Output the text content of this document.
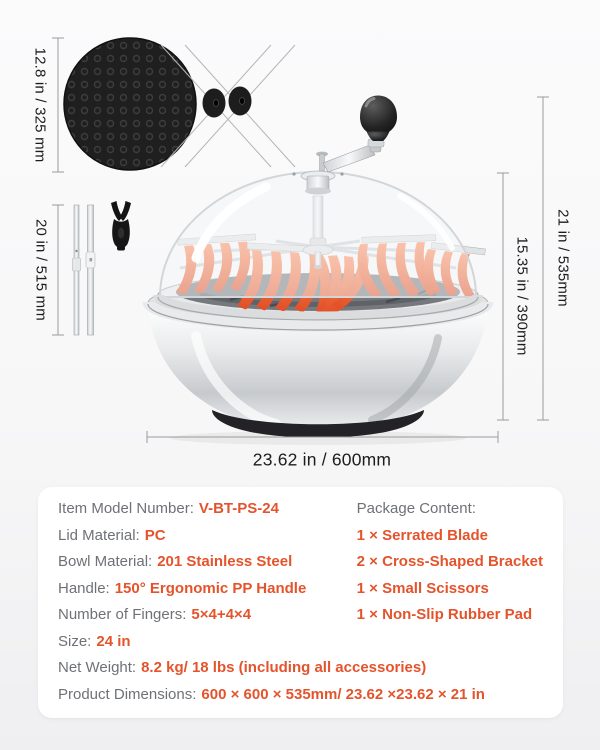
12.8 in / 325 mm
20 in / 515 mm	21 in / 535mm
15.35 in / 390mm
23.62 in / 600mm
Item Model Number: V-BT-PS-24
Lid Material: PC
Bowl Material: 201 Stainless Steel
Handle: 150° Ergonomic PP Handle
Number of Fingers: 5×4+4×4
Size: 24 in
Package Content:
1 × Serrated Blade
2 × Cross-Shaped Bracket
1 × Small Scissors
1 × Non-Slip Rubber Pad
Net Weight: 8.2 kg/ 18 lbs (including all accessories)
Product Dimensions: 600 × 600 × 535mm/ 23.62 ×23.62 × 21 in
